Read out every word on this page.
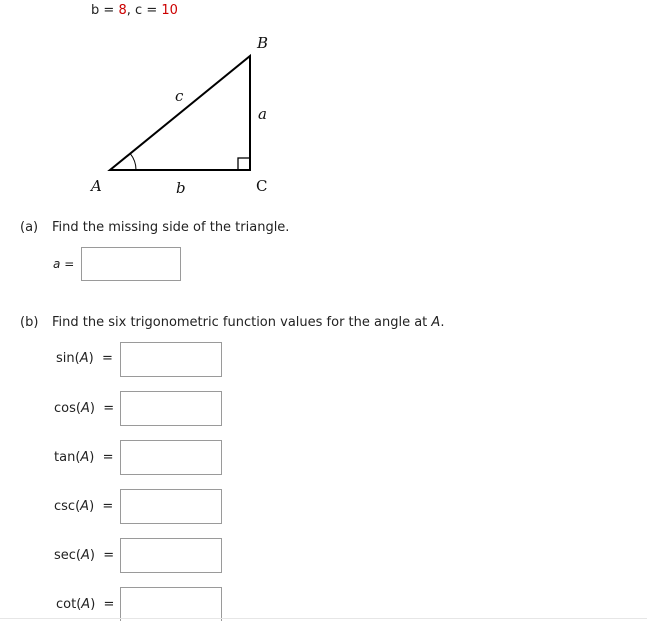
b = 8, c = 10
B
c
a
A	b	C
(a) Find the missing side of the triangle.
a =
(b) Find the six trigonometric function values for the angle at A.
sin(A)  =
cos(A)  =
tan(A)  =
csc(A)  =
sec(A)  =
cot(A)  =
